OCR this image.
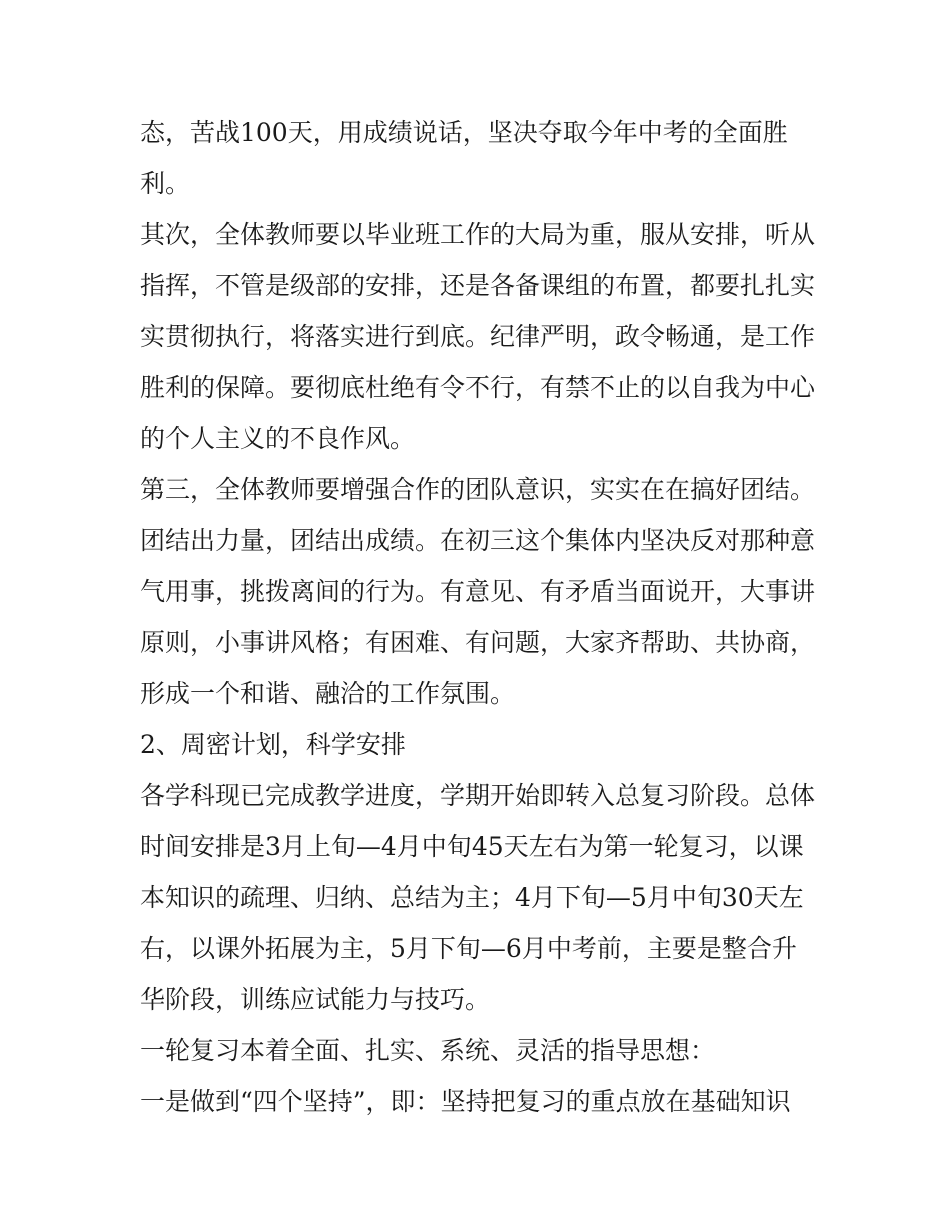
态，苦战100天，用成绩说话，坚决夺取今年中考的全面胜
利。
其次，全体教师要以毕业班工作的大局为重，服从安排，听从
指挥，不管是级部的安排，还是各备课组的布置，都要扎扎实
实贯彻执行，将落实进行到底。纪律严明，政令畅通，是工作
胜利的保障。要彻底杜绝有令不行，有禁不止的以自我为中心
的个人主义的不良作风。
第三，全体教师要增强合作的团队意识，实实在在搞好团结。
团结出力量，团结出成绩。在初三这个集体内坚决反对那种意
气用事，挑拨离间的行为。有意见、有矛盾当面说开，大事讲
原则，小事讲风格；有困难、有问题，大家齐帮助、共协商，
形成一个和谐、融洽的工作氛围。
2、周密计划，科学安排
各学科现已完成教学进度，学期开始即转入总复习阶段。总体
时间安排是3月上旬—4月中旬45天左右为第一轮复习，以课
本知识的疏理、归纳、总结为主；4月下旬—5月中旬30天左
右，以课外拓展为主，5月下旬—6月中考前，主要是整合升
华阶段，训练应试能力与技巧。
一轮复习本着全面、扎实、系统、灵活的指导思想：
一是做到“四个坚持”，即：坚持把复习的重点放在基础知识
